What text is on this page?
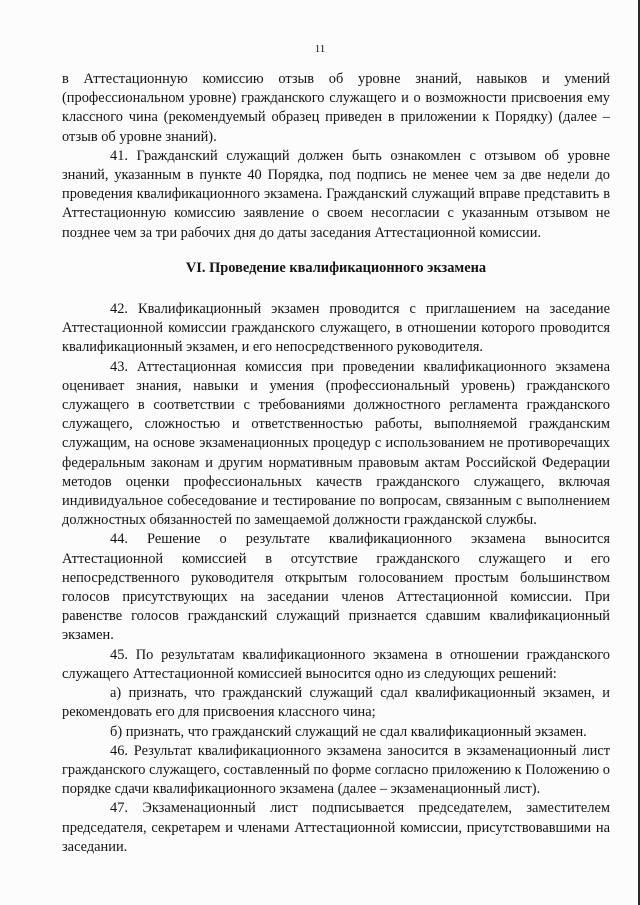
11

в Аттестационную комиссию отзыв об уровне знаний, навыков и умений (профессиональном уровне) гражданского служащего и о возможности присвоения ему классного чина (рекомендуемый образец приведен в приложении к Порядку) (далее – отзыв об уровне знаний).

41. Гражданский служащий должен быть ознакомлен с отзывом об уровне знаний, указанным в пункте 40 Порядка, под подпись не менее чем за две недели до проведения квалификационного экзамена. Гражданский служащий вправе представить в Аттестационную комиссию заявление о своем несогласии с указанным отзывом не позднее чем за три рабочих дня до даты заседания Аттестационной комиссии.

VI. Проведение квалификационного экзамена

42. Квалификационный экзамен проводится с приглашением на заседание Аттестационной комиссии гражданского служащего, в отношении которого проводится квалификационный экзамен, и его непосредственного руководителя.

43. Аттестационная комиссия при проведении квалификационного экзамена оценивает знания, навыки и умения (профессиональный уровень) гражданского служащего в соответствии с требованиями должностного регламента гражданского служащего, сложностью и ответственностью работы, выполняемой гражданским служащим, на основе экзаменационных процедур с использованием не противоречащих федеральным законам и другим нормативным правовым актам Российской Федерации методов оценки профессиональных качеств гражданского служащего, включая индивидуальное собеседование и тестирование по вопросам, связанным с выполнением должностных обязанностей по замещаемой должности гражданской службы.

44. Решение о результате квалификационного экзамена выносится Аттестационной комиссией в отсутствие гражданского служащего и его непосредственного руководителя открытым голосованием простым большинством голосов присутствующих на заседании членов Аттестационной комиссии. При равенстве голосов гражданский служащий признается сдавшим квалификационный экзамен.

45. По результатам квалификационного экзамена в отношении гражданского служащего Аттестационной комиссией выносится одно из следующих решений:

а) признать, что гражданский служащий сдал квалификационный экзамен, и рекомендовать его для присвоения классного чина;

б) признать, что гражданский служащий не сдал квалификационный экзамен.

46. Результат квалификационного экзамена заносится в экзаменационный лист гражданского служащего, составленный по форме согласно приложению к Положению о порядке сдачи квалификационного экзамена (далее – экзаменационный лист).

47. Экзаменационный лист подписывается председателем, заместителем председателя, секретарем и членами Аттестационной комиссии, присутствовавшими на заседании.
